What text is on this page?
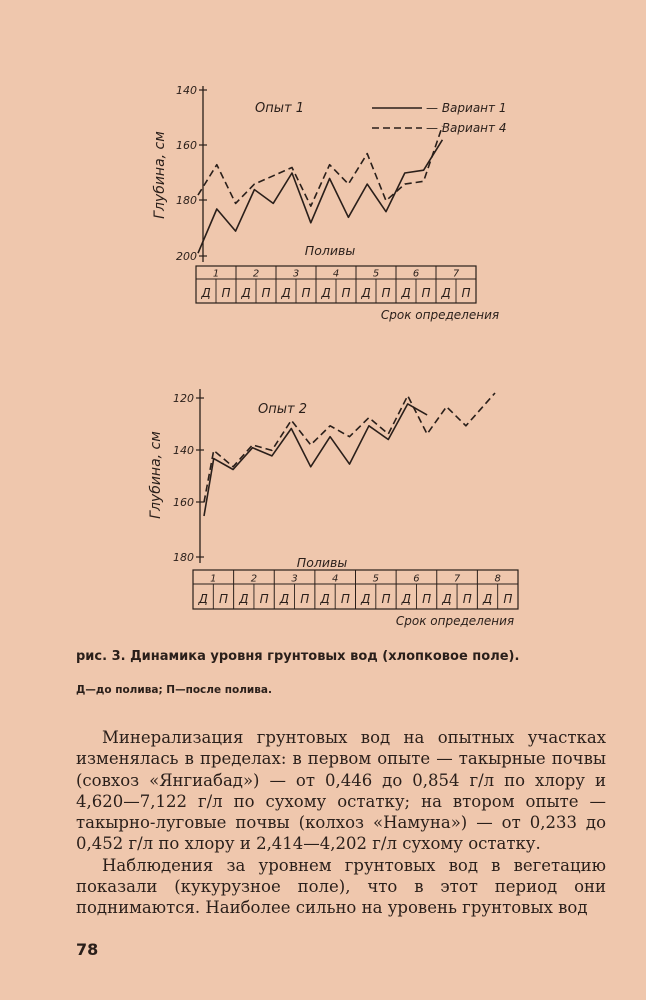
140
160
180
200
Глубина, см
Опыт 1	— Вариант 1
— Вариант 4
Поливы
1	2	3	4	5	6	7
Д П Д П Д П Д П Д П Д П Д П
Срок определения
120
140
160
180
Глубина, см
Опыт 2
Поливы
1	2	3	4	5	6	7	8
Д П Д П Д П Д П Д П Д П Д П Д П
Срок определения
рис. 3. Динамика уровня грунтовых вод (хлопковое поле).
Д—до полива; П—после полива.

Минерализация грунтовых вод на опытных участках изменялась в пределах: в первом опыте — такырные почвы (совхоз «Янгиабад») — от 0,446 до 0,854 г/л по хлору и 4,620—7,122 г/л по сухому остатку; на втором опыте — такырно-луговые почвы (колхоз «Намуна») — от 0,233 до 0,452 г/л по хлору и 2,414—4,202 г/л сухому остатку.

Наблюдения за уровнем грунтовых вод в вегетацию показали (кукурузное поле), что в этот период они поднимаются. Наиболее сильно на уровень грунтовых вод

78
